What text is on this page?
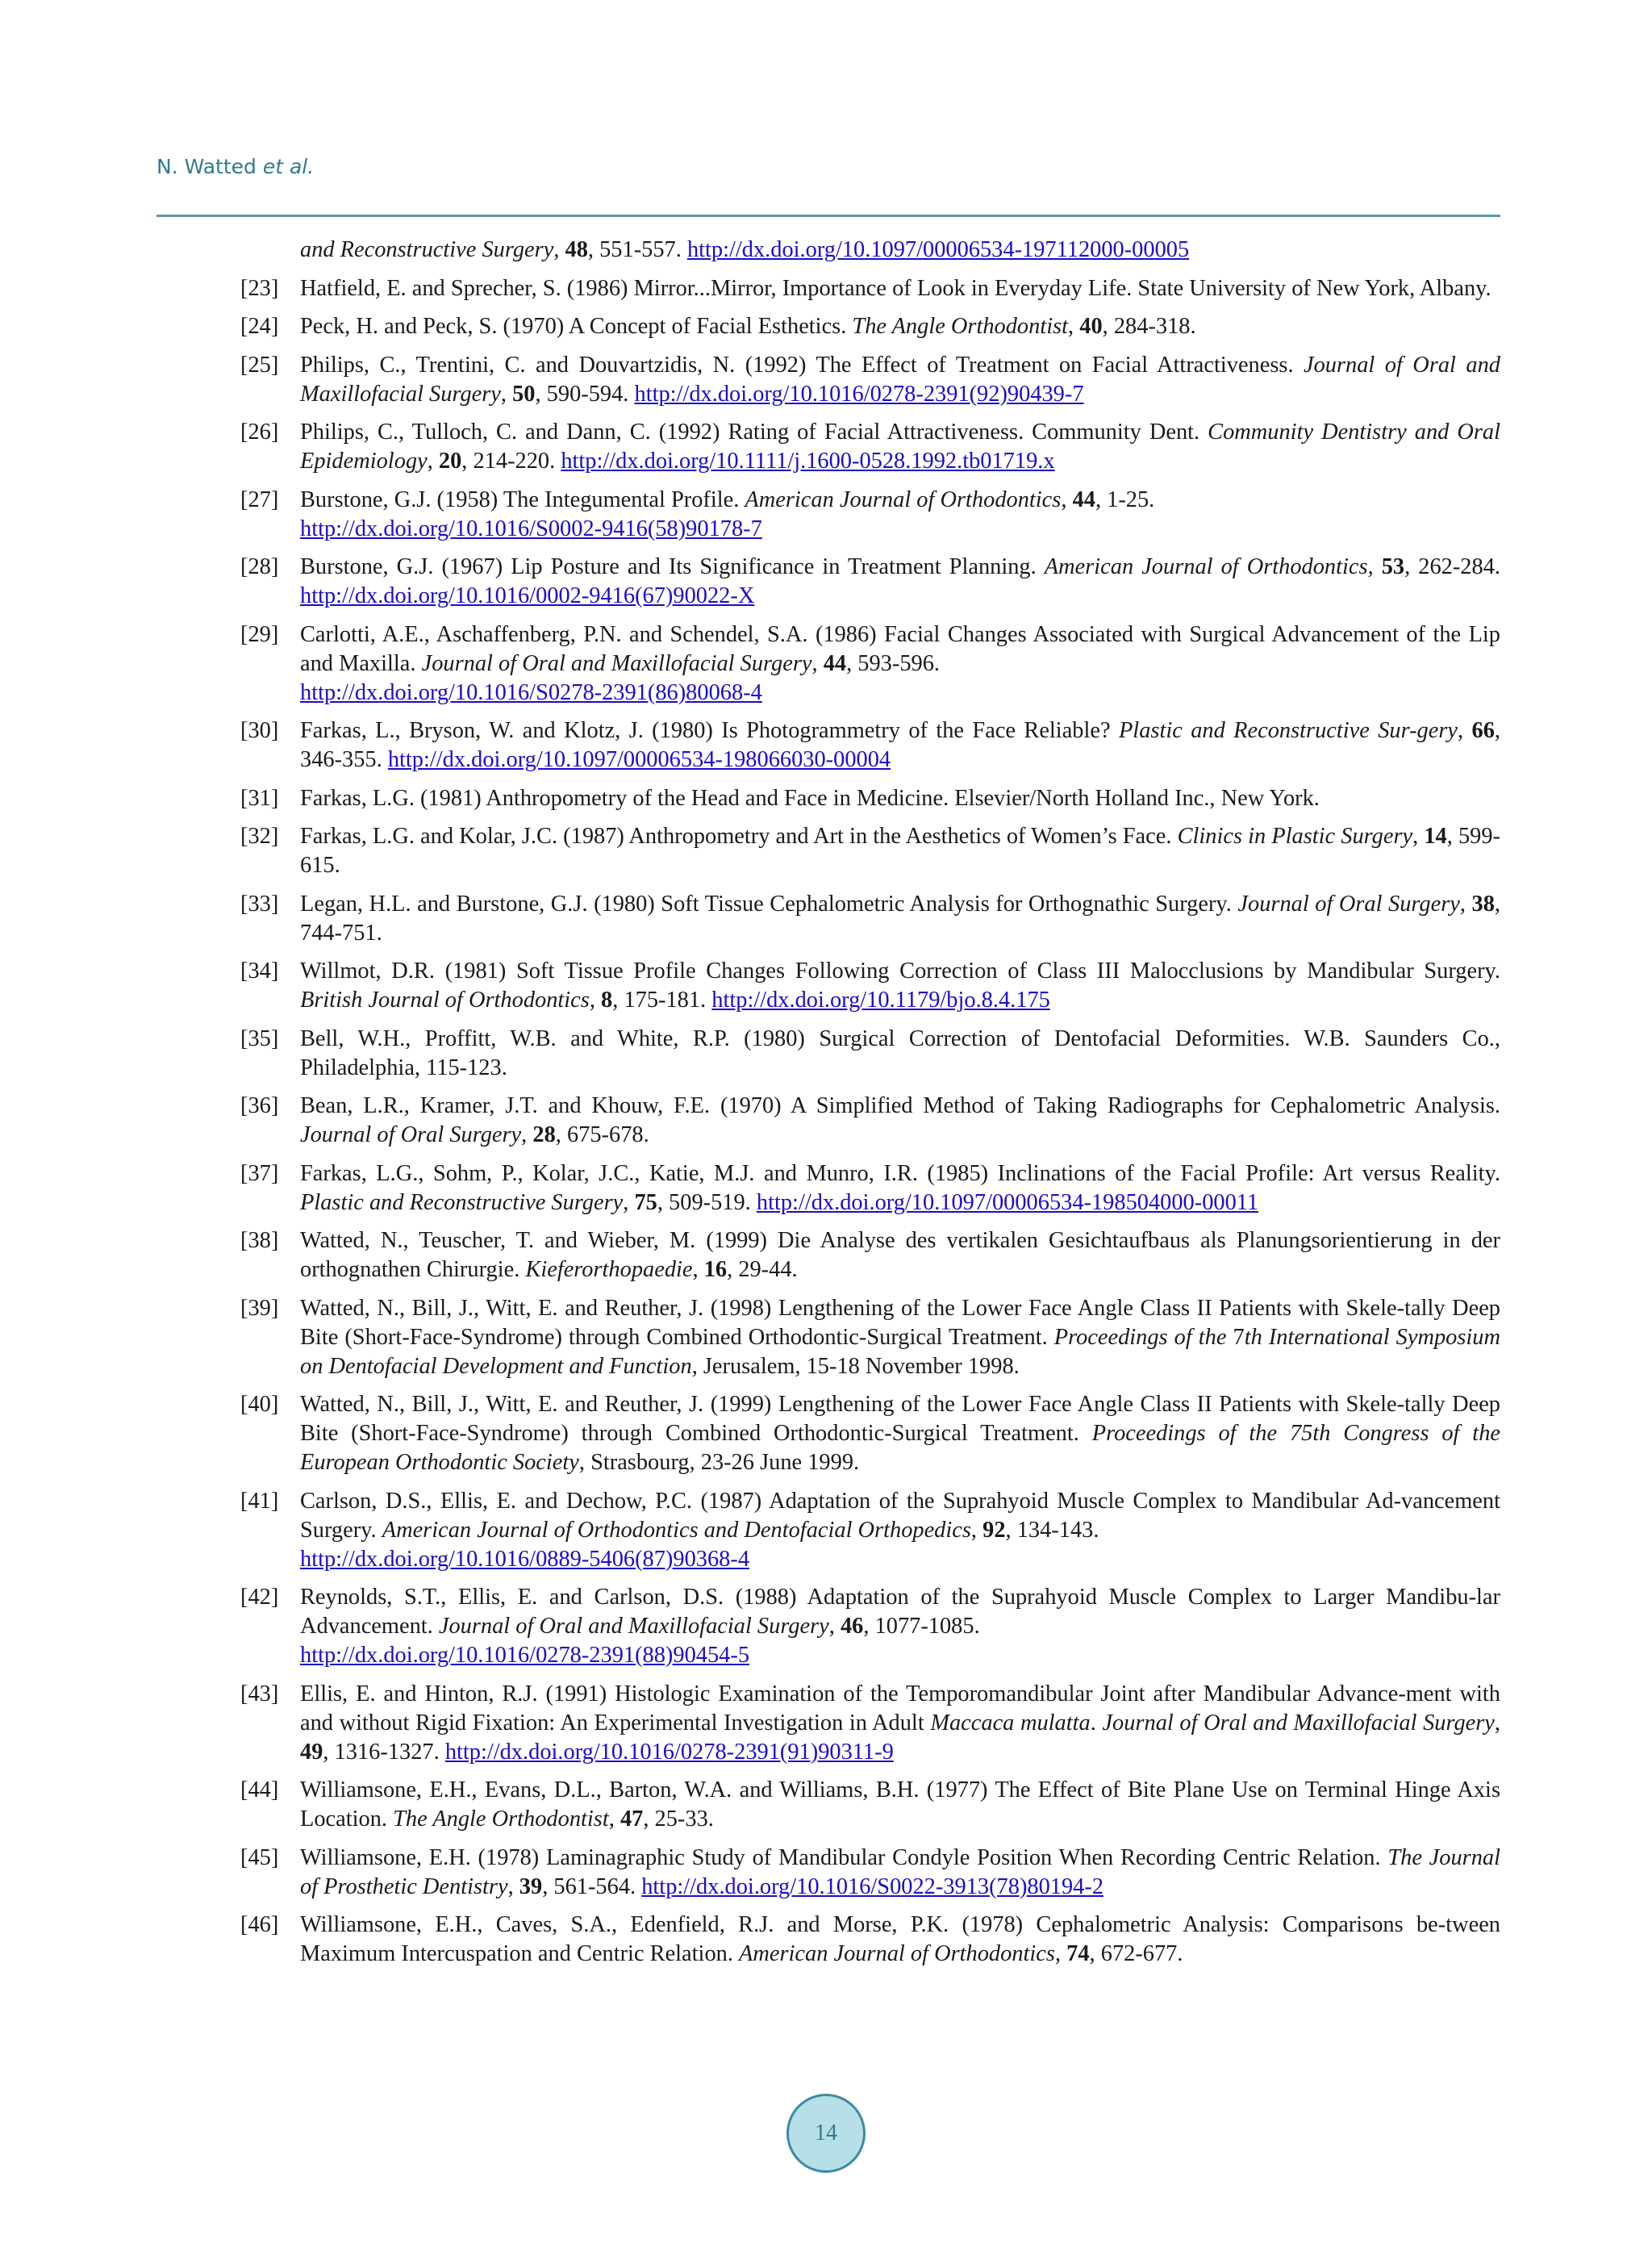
N. Watted et al.
and Reconstructive Surgery, 48, 551-557. http://dx.doi.org/10.1097/00006534-197112000-00005
[23] Hatfield, E. and Sprecher, S. (1986) Mirror...Mirror, Importance of Look in Everyday Life. State University of New York, Albany.
[24] Peck, H. and Peck, S. (1970) A Concept of Facial Esthetics. The Angle Orthodontist, 40, 284-318.
[25] Philips, C., Trentini, C. and Douvartzidis, N. (1992) The Effect of Treatment on Facial Attractiveness. Journal of Oral and Maxillofacial Surgery, 50, 590-594. http://dx.doi.org/10.1016/0278-2391(92)90439-7
[26] Philips, C., Tulloch, C. and Dann, C. (1992) Rating of Facial Attractiveness. Community Dent. Community Dentistry and Oral Epidemiology, 20, 214-220. http://dx.doi.org/10.1111/j.1600-0528.1992.tb01719.x
[27] Burstone, G.J. (1958) The Integumental Profile. American Journal of Orthodontics, 44, 1-25.
http://dx.doi.org/10.1016/S0002-9416(58)90178-7
[28] Burstone, G.J. (1967) Lip Posture and Its Significance in Treatment Planning. American Journal of Orthodontics, 53, 262-284. http://dx.doi.org/10.1016/0002-9416(67)90022-X
[29] Carlotti, A.E., Aschaffenberg, P.N. and Schendel, S.A. (1986) Facial Changes Associated with Surgical Advancement of the Lip and Maxilla. Journal of Oral and Maxillofacial Surgery, 44, 593-596.
http://dx.doi.org/10.1016/S0278-2391(86)80068-4
[30] Farkas, L., Bryson, W. and Klotz, J. (1980) Is Photogrammetry of the Face Reliable? Plastic and Reconstructive Sur-gery, 66, 346-355. http://dx.doi.org/10.1097/00006534-198066030-00004
[31] Farkas, L.G. (1981) Anthropometry of the Head and Face in Medicine. Elsevier/North Holland Inc., New York.
[32] Farkas, L.G. and Kolar, J.C. (1987) Anthropometry and Art in the Aesthetics of Women’s Face. Clinics in Plastic Surgery, 14, 599-615.
[33] Legan, H.L. and Burstone, G.J. (1980) Soft Tissue Cephalometric Analysis for Orthognathic Surgery. Journal of Oral Surgery, 38, 744-751.
[34] Willmot, D.R. (1981) Soft Tissue Profile Changes Following Correction of Class III Malocclusions by Mandibular Surgery. British Journal of Orthodontics, 8, 175-181. http://dx.doi.org/10.1179/bjo.8.4.175
[35] Bell, W.H., Proffitt, W.B. and White, R.P. (1980) Surgical Correction of Dentofacial Deformities. W.B. Saunders Co., Philadelphia, 115-123.
[36] Bean, L.R., Kramer, J.T. and Khouw, F.E. (1970) A Simplified Method of Taking Radiographs for Cephalometric Analysis. Journal of Oral Surgery, 28, 675-678.
[37] Farkas, L.G., Sohm, P., Kolar, J.C., Katie, M.J. and Munro, I.R. (1985) Inclinations of the Facial Profile: Art versus Reality. Plastic and Reconstructive Surgery, 75, 509-519. http://dx.doi.org/10.1097/00006534-198504000-00011
[38] Watted, N., Teuscher, T. and Wieber, M. (1999) Die Analyse des vertikalen Gesichtaufbaus als Planungsorientierung in der orthognathen Chirurgie. Kieferorthopaedie, 16, 29-44.
[39] Watted, N., Bill, J., Witt, E. and Reuther, J. (1998) Lengthening of the Lower Face Angle Class II Patients with Skele-tally Deep Bite (Short-Face-Syndrome) through Combined Orthodontic-Surgical Treatment. Proceedings of the 7th International Symposium on Dentofacial Development and Function, Jerusalem, 15-18 November 1998.
[40] Watted, N., Bill, J., Witt, E. and Reuther, J. (1999) Lengthening of the Lower Face Angle Class II Patients with Skele-tally Deep Bite (Short-Face-Syndrome) through Combined Orthodontic-Surgical Treatment. Proceedings of the 75th Congress of the European Orthodontic Society, Strasbourg, 23-26 June 1999.
[41] Carlson, D.S., Ellis, E. and Dechow, P.C. (1987) Adaptation of the Suprahyoid Muscle Complex to Mandibular Ad-vancement Surgery. American Journal of Orthodontics and Dentofacial Orthopedics, 92, 134-143.
http://dx.doi.org/10.1016/0889-5406(87)90368-4
[42] Reynolds, S.T., Ellis, E. and Carlson, D.S. (1988) Adaptation of the Suprahyoid Muscle Complex to Larger Mandibu-lar Advancement. Journal of Oral and Maxillofacial Surgery, 46, 1077-1085.
http://dx.doi.org/10.1016/0278-2391(88)90454-5
[43] Ellis, E. and Hinton, R.J. (1991) Histologic Examination of the Temporomandibular Joint after Mandibular Advance-ment with and without Rigid Fixation: An Experimental Investigation in Adult Maccaca mulatta. Journal of Oral and Maxillofacial Surgery, 49, 1316-1327. http://dx.doi.org/10.1016/0278-2391(91)90311-9
[44] Williamsone, E.H., Evans, D.L., Barton, W.A. and Williams, B.H. (1977) The Effect of Bite Plane Use on Terminal Hinge Axis Location. The Angle Orthodontist, 47, 25-33.
[45] Williamsone, E.H. (1978) Laminagraphic Study of Mandibular Condyle Position When Recording Centric Relation. The Journal of Prosthetic Dentistry, 39, 561-564. http://dx.doi.org/10.1016/S0022-3913(78)80194-2
[46] Williamsone, E.H., Caves, S.A., Edenfield, R.J. and Morse, P.K. (1978) Cephalometric Analysis: Comparisons be-tween Maximum Intercuspation and Centric Relation. American Journal of Orthodontics, 74, 672-677.
14
